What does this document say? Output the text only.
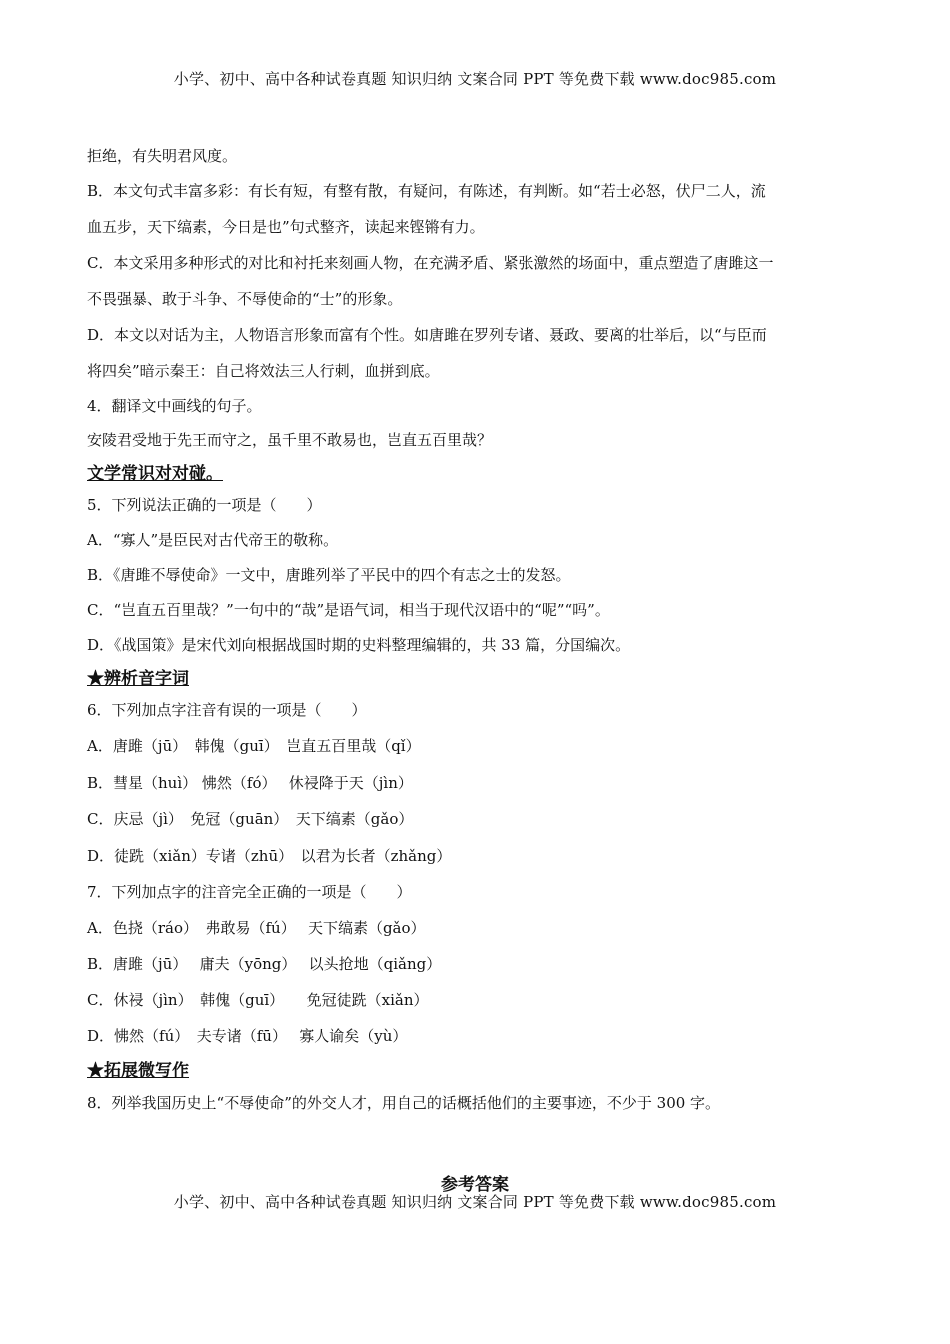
小学、初中、高中各种试卷真题 知识归纳 文案合同 PPT 等免费下载 www.doc985.com

拒绝，有失明君风度。

B．本文句式丰富多彩：有长有短，有整有散，有疑问，有陈述，有判断。如“若士必怒，伏尸二人，流

血五步，天下缟素，今日是也”句式整齐，读起来铿锵有力。

C．本文采用多种形式的对比和衬托来刻画人物，在充满矛盾、紧张激然的场面中，重点塑造了唐雎这一

不畏强暴、敢于斗争、不辱使命的“士”的形象。

D．本文以对话为主，人物语言形象而富有个性。如唐雎在罗列专诸、聂政、要离的壮举后，以“与臣而

将四矣”暗示秦王：自己将效法三人行刺，血拼到底。

4．翻译文中画线的句子。

安陵君受地于先王而守之，虽千里不敢易也，岂直五百里哉？

文学常识对对碰。

5．下列说法正确的一项是（　　）

A．“寡人”是臣民对古代帝王的敬称。

B．《唐雎不辱使命》一文中，唐雎列举了平民中的四个有志之士的发怒。

C．“岂直五百里哉？”一句中的“哉”是语气词，相当于现代汉语中的“呢”“吗”。

D．《战国策》是宋代刘向根据战国时期的史料整理编辑的，共 33 篇，分国编次。

★辨析音字词

6．下列加点字注音有误的一项是（　　）

A．唐雎（jū）　韩傀（guī）　岂直五百里哉（qǐ）

B．彗星（huì） 怫然（fó）　 休祲降于天（jìn）

C．庆忌（jì）　免冠（guān）　天下缟素（gǎo）

D．徒跣（xiǎn）专诸（zhū）　以君为长者（zhǎng）

7．下列加点字的注音完全正确的一项是（　　）

A．色挠（ráo）　弗敢易（fú）　 天下缟素（gǎo）

B．唐雎（jū）　 庸夫（yōng）　 以头抢地（qiǎng）

C．休祲（jìn）　韩傀（guī）　　免冠徒跣（xiǎn）

D．怫然（fú）　夫专诸（fū）　 寡人谕矣（yù）

★拓展微写作

8．列举我国历史上“不辱使命”的外交人才，用自己的话概括他们的主要事迹，不少于 300 字。

参考答案
小学、初中、高中各种试卷真题 知识归纳 文案合同 PPT 等免费下载 www.doc985.com
